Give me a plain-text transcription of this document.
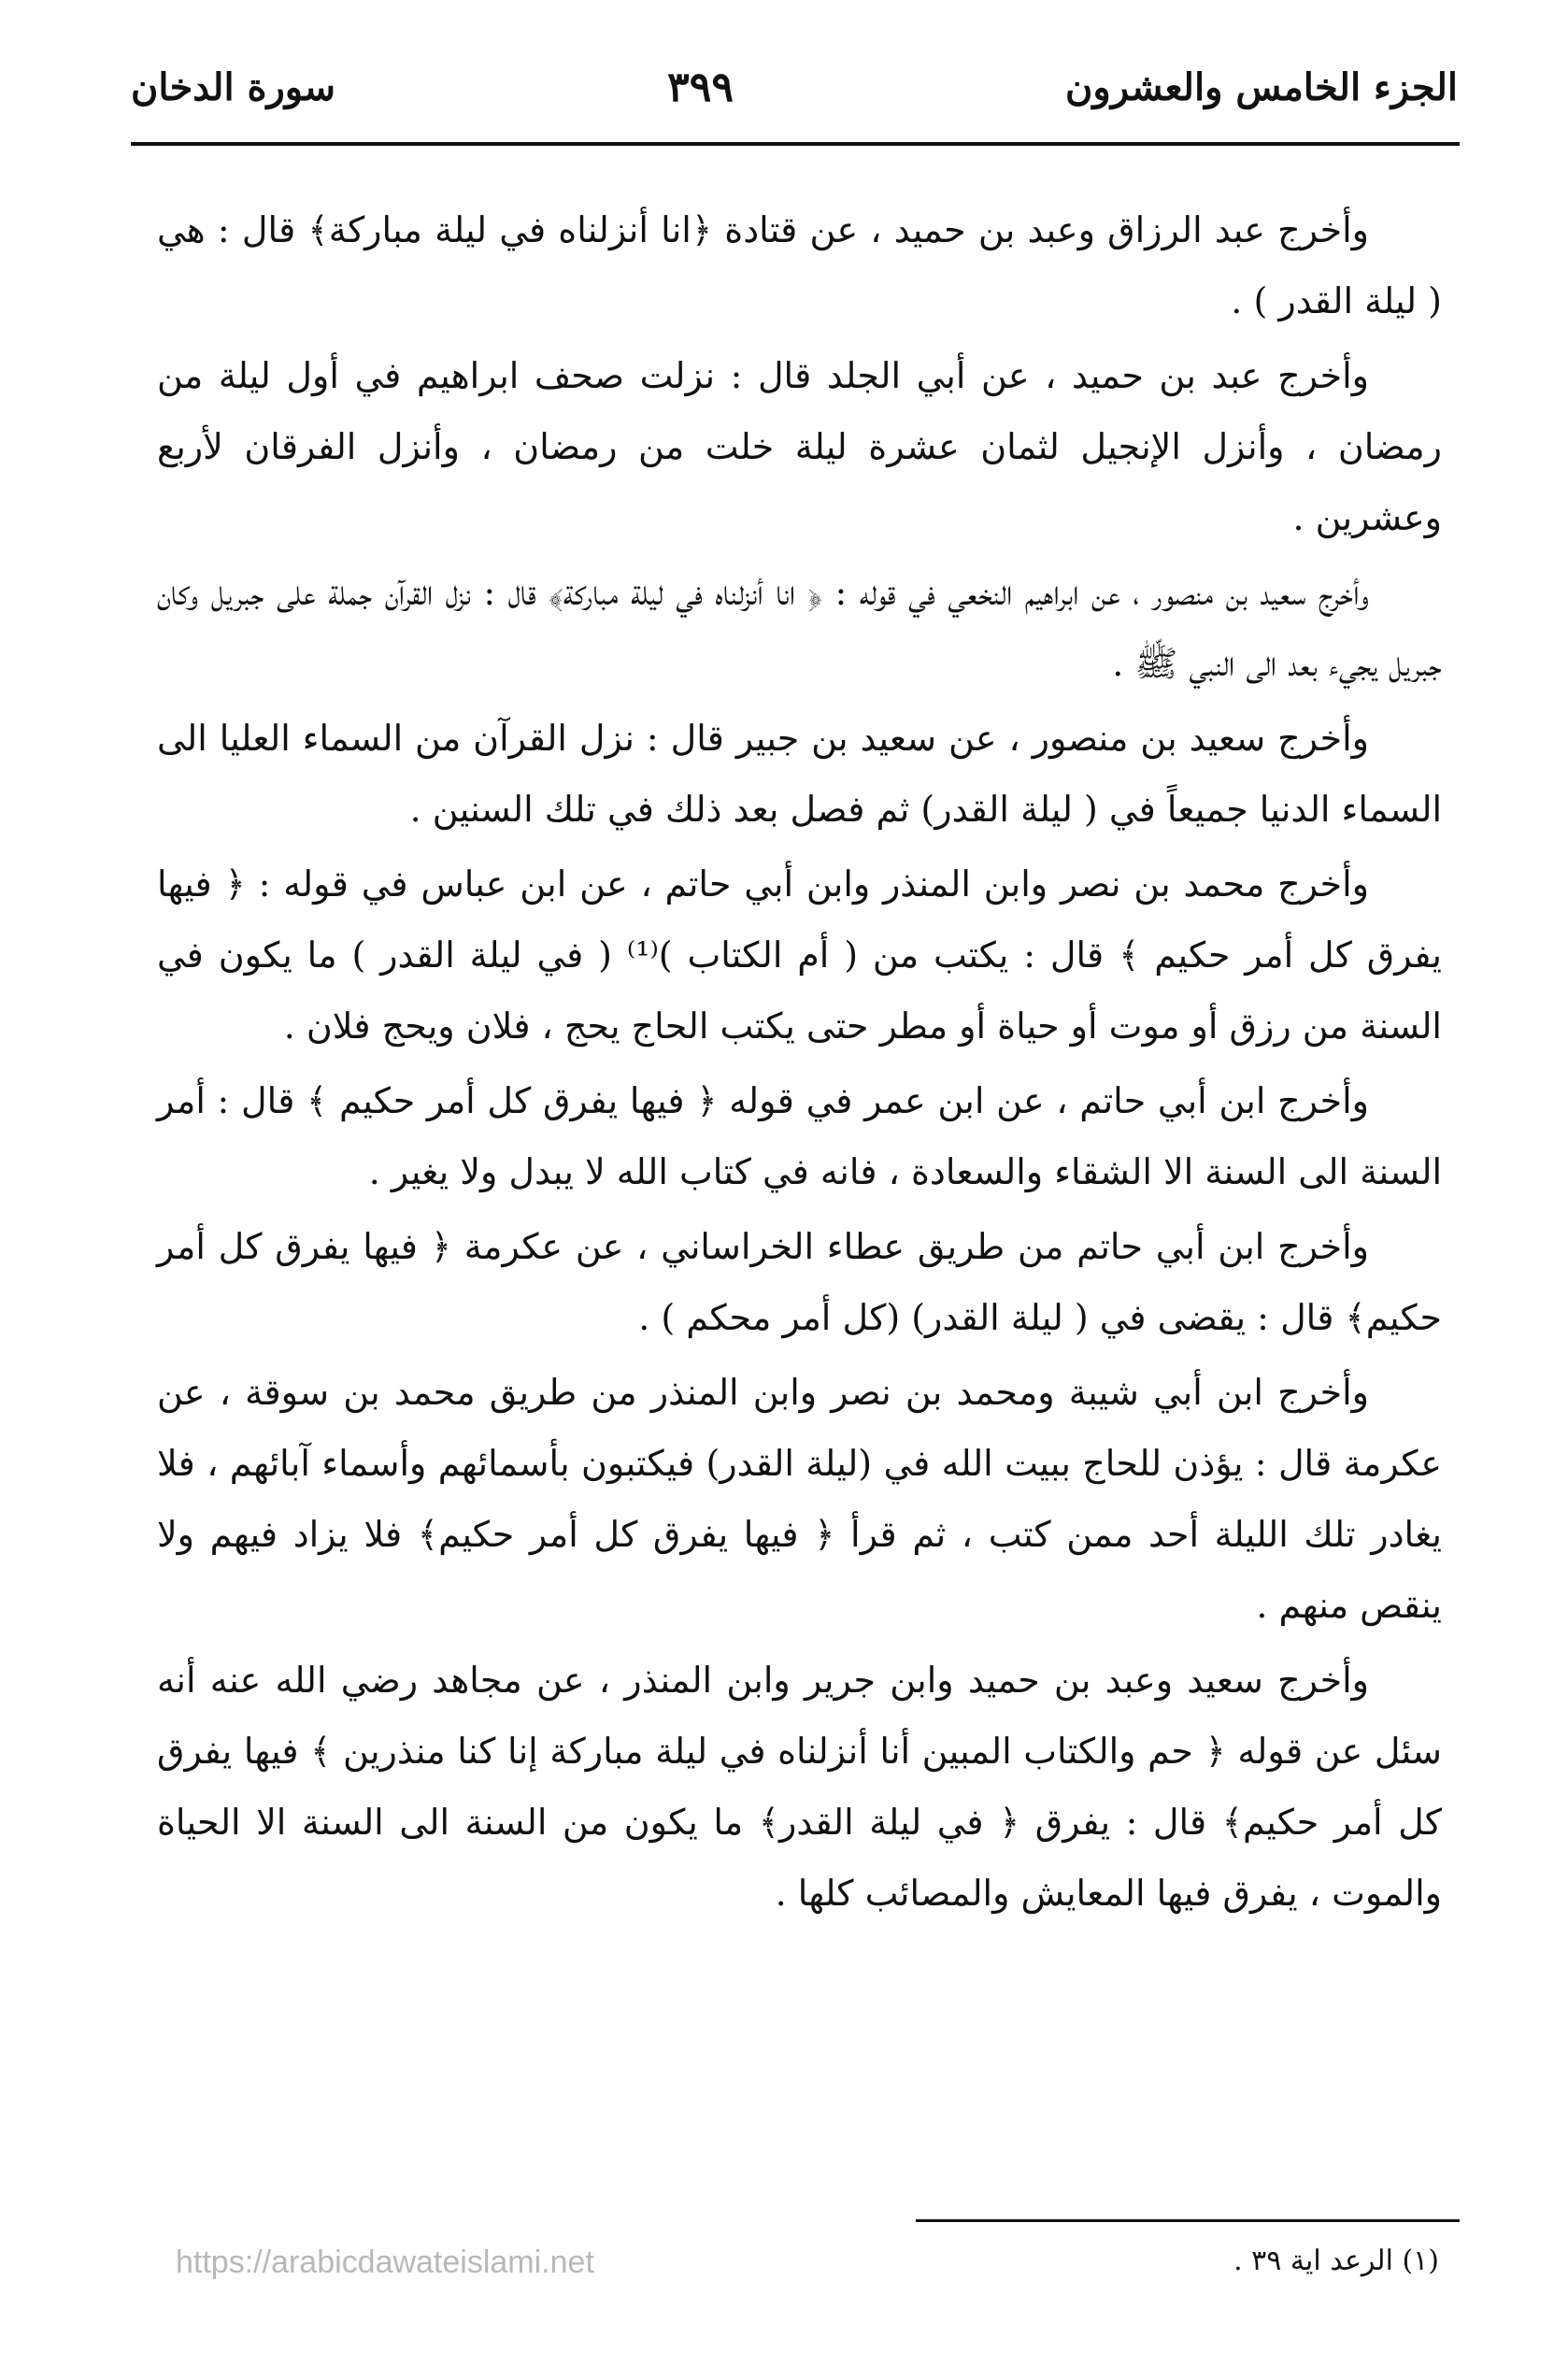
الجزء الخامس والعشرون
٣٩٩
سورة الدخان

وأخرج عبد الرزاق وعبد بن حميد ، عن قتادة ﴿انا أنزلناه في ليلة مباركة﴾ قال : هي ( ليلة القدر ) .

وأخرج عبد بن حميد ، عن أبي الجلد قال : نزلت صحف ابراهيم في أول ليلة من رمضان ، وأنزل الإنجيل لثمان عشرة ليلة خلت من رمضان ، وأنزل الفرقان لأربع وعشرين .

وأخرج سعيد بن منصور ، عن ابراهيم النخعي في قوله : ﴿ انا أنزلناه في ليلة مباركة﴾ قال : نزل القرآن جملة على جبريل وكان جبريل يجيء بعد الى النبي ﷺ .

وأخرج سعيد بن منصور ، عن سعيد بن جبير قال : نزل القرآن من السماء العليا الى السماء الدنيا جميعاً في ( ليلة القدر) ثم فصل بعد ذلك في تلك السنين .

وأخرج محمد بن نصر وابن المنذر وابن أبي حاتم ، عن ابن عباس في قوله : ﴿ فيها يفرق كل أمر حكيم ﴾ قال : يكتب من ( أم الكتاب )⁽¹⁾ ( في ليلة القدر ) ما يكون في السنة من رزق أو موت أو حياة أو مطر حتى يكتب الحاج يحج ، فلان ويحج فلان .

وأخرج ابن أبي حاتم ، عن ابن عمر في قوله ﴿ فيها يفرق كل أمر حكيم ﴾ قال : أمر السنة الى السنة الا الشقاء والسعادة ، فانه في كتاب الله لا يبدل ولا يغير .

وأخرج ابن أبي حاتم من طريق عطاء الخراساني ، عن عكرمة ﴿ فيها يفرق كل أمر حكيم﴾ قال : يقضى في ( ليلة القدر) (كل أمر محكم ) .

وأخرج ابن أبي شيبة ومحمد بن نصر وابن المنذر من طريق محمد بن سوقة ، عن عكرمة قال : يؤذن للحاج ببيت الله في (ليلة القدر) فيكتبون بأسمائهم وأسماء آبائهم ، فلا يغادر تلك الليلة أحد ممن كتب ، ثم قرأ ﴿ فيها يفرق كل أمر حكيم﴾ فلا يزاد فيهم ولا ينقص منهم .

وأخرج سعيد وعبد بن حميد وابن جرير وابن المنذر ، عن مجاهد رضي الله عنه أنه سئل عن قوله ﴿ حم والكتاب المبين أنا أنزلناه في ليلة مباركة إنا كنا منذرين ﴾ فيها يفرق كل أمر حكيم﴾ قال : يفرق ﴿ في ليلة القدر﴾ ما يكون من السنة الى السنة الا الحياة والموت ، يفرق فيها المعايش والمصائب كلها .

(١) الرعد اية ٣٩ .
https://arabicdawateislami.net
